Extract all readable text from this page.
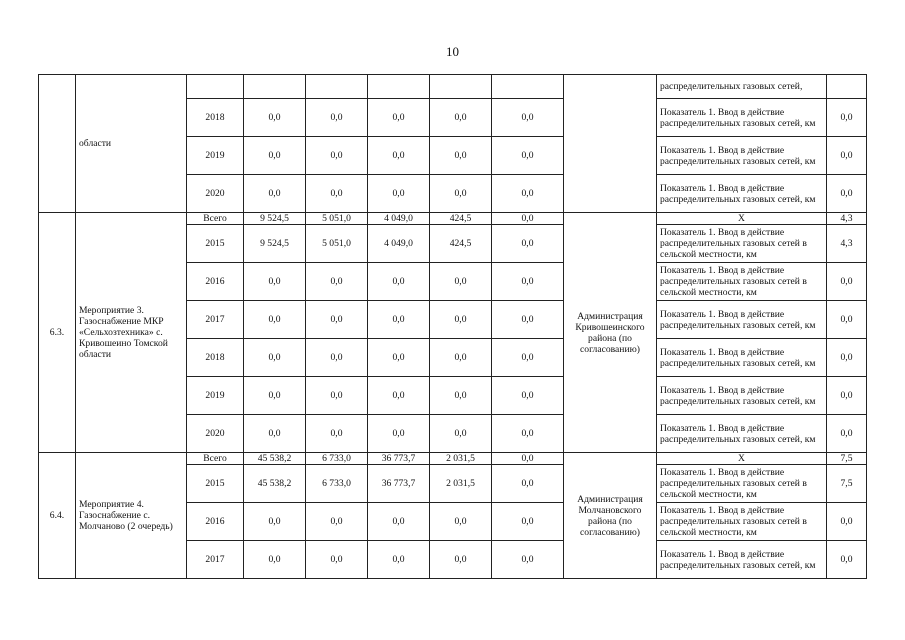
10
	области								распределительных газовых сетей,	
		2018	0,0	0,0	0,0	0,0	0,0		Показатель 1. Ввод в действие распределительных газовых сетей, км	0,0
		2019	0,0	0,0	0,0	0,0	0,0		Показатель 1. Ввод в действие распределительных газовых сетей, км	0,0
		2020	0,0	0,0	0,0	0,0	0,0		Показатель 1. Ввод в действие распределительных газовых сетей, км	0,0
6.3.	Мероприятие 3. Газоснабжение МКР «Сельхозтехника» с. Кривошеино Томской области	Всего	9 524,5	5 051,0	4 049,0	424,5	0,0	Администрация Кривошеинского района (по согласованию)	Х	4,3
		2015	9 524,5	5 051,0	4 049,0	424,5	0,0		Показатель 1. Ввод в действие распределительных газовых сетей в сельской местности, км	4,3
		2016	0,0	0,0	0,0	0,0	0,0		Показатель 1. Ввод в действие распределительных газовых сетей в сельской местности, км	0,0
		2017	0,0	0,0	0,0	0,0	0,0		Показатель 1. Ввод в действие распределительных газовых сетей, км	0,0
		2018	0,0	0,0	0,0	0,0	0,0		Показатель 1. Ввод в действие распределительных газовых сетей, км	0,0
		2019	0,0	0,0	0,0	0,0	0,0		Показатель 1. Ввод в действие распределительных газовых сетей, км	0,0
		2020	0,0	0,0	0,0	0,0	0,0		Показатель 1. Ввод в действие распределительных газовых сетей, км	0,0
6.4.	Мероприятие 4. Газоснабжение с. Молчаново (2 очередь)	Всего	45 538,2	6 733,0	36 773,7	2 031,5	0,0	Администрация Молчановского района (по согласованию)	Х	7,5
		2015	45 538,2	6 733,0	36 773,7	2 031,5	0,0		Показатель 1. Ввод в действие распределительных газовых сетей в сельской местности, км	7,5
		2016	0,0	0,0	0,0	0,0	0,0		Показатель 1. Ввод в действие распределительных газовых сетей в сельской местности, км	0,0
		2017	0,0	0,0	0,0	0,0	0,0		Показатель 1. Ввод в действие распределительных газовых сетей, км	0,0
